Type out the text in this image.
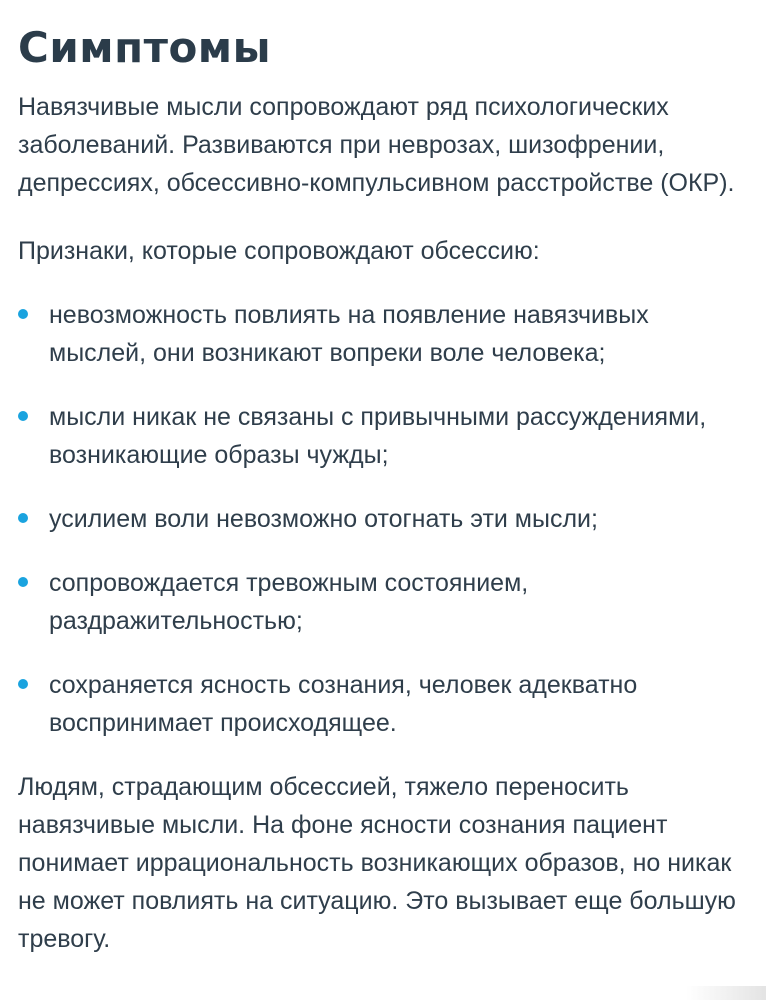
Симптомы

Навязчивые мысли сопровождают ряд психологических заболеваний. Развиваются при неврозах, шизофрении, депрессиях, обсессивно-компульсивном расстройстве (ОКР).

Признаки, которые сопровождают обсессию:

невозможность повлиять на появление навязчивых мыслей, они возникают вопреки воле человека;
мысли никак не связаны с привычными рассуждениями, возникающие образы чужды;
усилием воли невозможно отогнать эти мысли;
сопровождается тревожным состоянием, раздражительностью;
сохраняется ясность сознания, человек адекватно воспринимает происходящее.

Людям, страдающим обсессией, тяжело переносить навязчивые мысли. На фоне ясности сознания пациент понимает иррациональность возникающих образов, но никак не может повлиять на ситуацию. Это вызывает еще большую тревогу.
